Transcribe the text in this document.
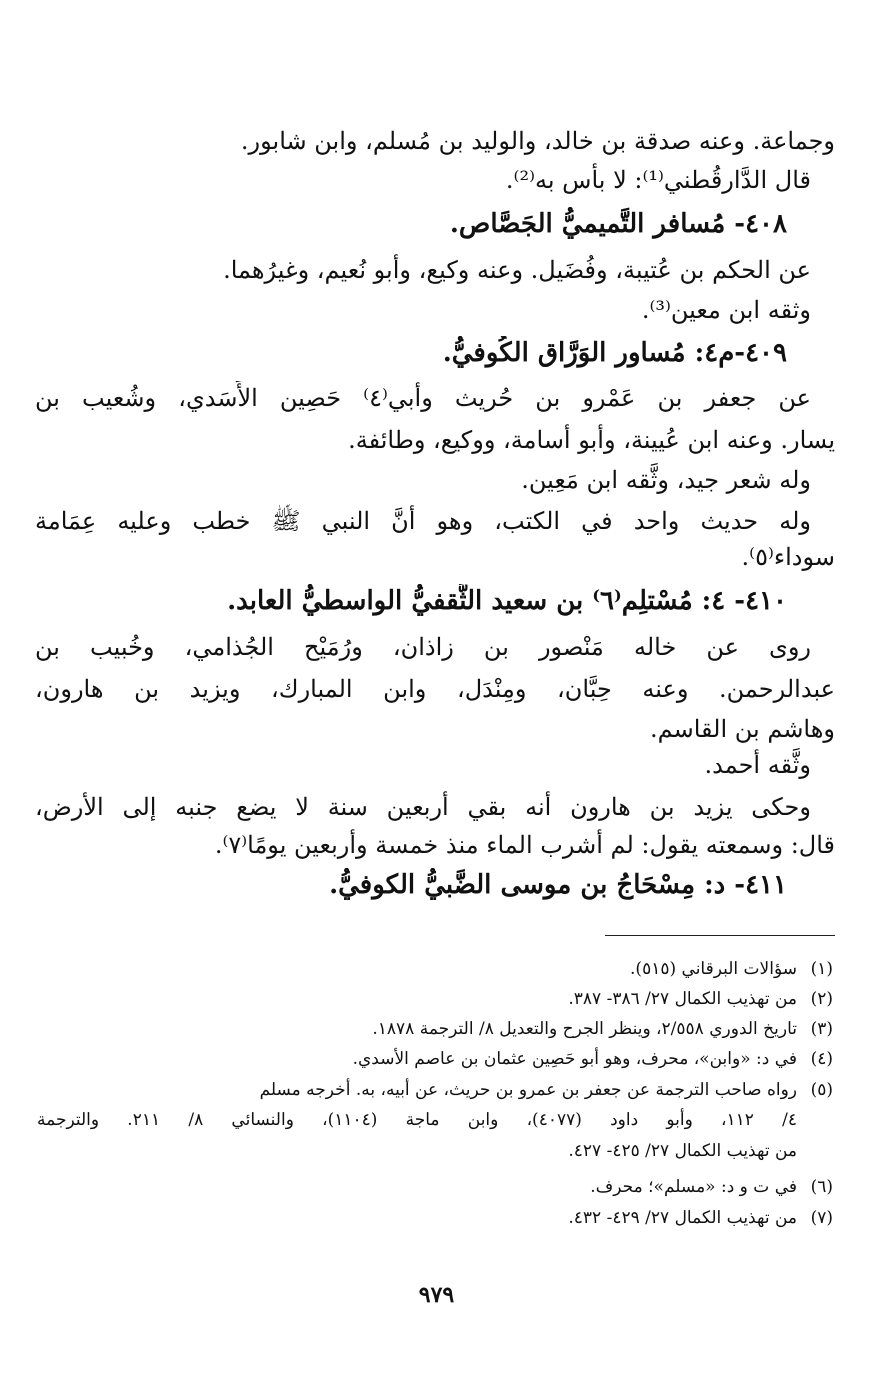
وجماعة. وعنه صدقة بن خالد، والوليد بن مُسلم، وابن شابور.
قال الدَّارقُطني⁽¹⁾: لا بأس به⁽²⁾.
٤٠٨- مُسافر التَّميميُّ الجَصَّاص.
عن الحكم بن عُتيبة، وفُضَيل. وعنه وكيع، وأبو نُعيم، وغيرُهما.
وثقه ابن معين⁽³⁾.
٤٠٩-م٤: مُساور الوَرَّاق الكُوفيُّ.
عن جعفر بن عَمْرو بن حُريث وأبي⁽٤⁾ حَصِين الأَسَدي، وشُعيب بن
يسار. وعنه ابن عُيينة، وأبو أسامة، ووكيع، وطائفة.
وله شعر جيد، وثَّقه ابن مَعِين.
وله حديث واحد في الكتب، وهو أنَّ النبي ﷺ خطب وعليه عِمَامة
سوداء⁽٥⁾.
٤١٠- ٤: مُسْتلِم⁽٦⁾ بن سعيد الثَّقفيُّ الواسطيُّ العابد.
روى عن خاله مَنْصور بن زاذان، ورُمَيْح الجُذامي، وخُبيب بن
عبدالرحمن. وعنه حِبَّان، ومِنْدَل، وابن المبارك، ويزيد بن هارون،
وهاشم بن القاسم.
وثَّقه أحمد.
وحكى يزيد بن هارون أنه بقي أربعين سنة لا يضع جنبه إلى الأرض،
قال: وسمعته يقول: لم أشرب الماء منذ خمسة وأربعين يومًا⁽٧⁾.
٤١١- د: مِسْحَاجُ بن موسى الضَّبيُّ الكوفيُّ.
(١)سؤالات البرقاني (٥١٥).
(٢)من تهذيب الكمال ٢٧/ ٣٨٦- ٣٨٧.
(٣)تاريخ الدوري ٢/٥٥٨، وينظر الجرح والتعديل ٨/ الترجمة ١٨٧٨.
(٤)في د: «وابن»، محرف، وهو أبو حَصِين عثمان بن عاصم الأسدي.
(٥)رواه صاحب الترجمة عن جعفر بن عمرو بن حريث، عن أبيه، به. أخرجه مسلم
٤/ ١١٢، وأبو داود (٤٠٧٧)، وابن ماجة (١١٠٤)، والنسائي ٨/ ٢١١. والترجمة
من تهذيب الكمال ٢٧/ ٤٢٥- ٤٢٧.
(٦)في ت و د: «مسلم»؛ محرف.
(٧)من تهذيب الكمال ٢٧/ ٤٢٩- ٤٣٢.
٩٧٩
